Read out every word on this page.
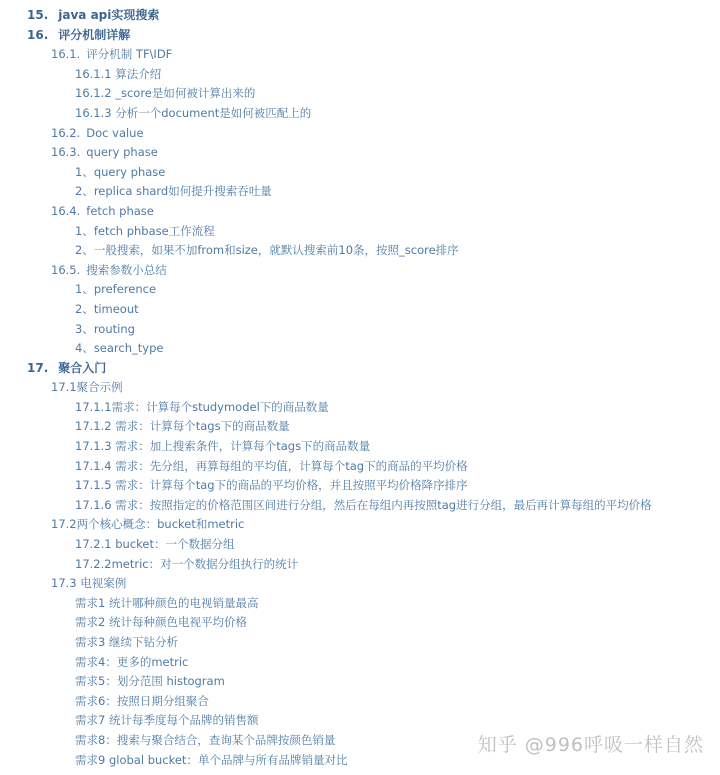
15. java api实现搜索
16. 评分机制详解
16.1. 评分机制 TF\IDF
16.1.1 算法介绍
16.1.2 _score是如何被计算出来的
16.1.3 分析一个document是如何被匹配上的
16.2. Doc value
16.3. query phase
1、query phase
2、replica shard如何提升搜索吞吐量
16.4. fetch phase
1、fetch phbase工作流程
2、一般搜索，如果不加from和size，就默认搜索前10条，按照_score排序
16.5. 搜索参数小总结
1、preference
2、timeout
3、routing
4、search_type
17. 聚合入门
17.1聚合示例
17.1.1需求：计算每个studymodel下的商品数量
17.1.2 需求：计算每个tags下的商品数量
17.1.3 需求：加上搜索条件，计算每个tags下的商品数量
17.1.4 需求：先分组，再算每组的平均值，计算每个tag下的商品的平均价格
17.1.5 需求：计算每个tag下的商品的平均价格，并且按照平均价格降序排序
17.1.6 需求：按照指定的价格范围区间进行分组，然后在每组内再按照tag进行分组，最后再计算每组的平均价格
17.2两个核心概念：bucket和metric
17.2.1 bucket：一个数据分组
17.2.2metric：对一个数据分组执行的统计
17.3 电视案例
需求1 统计哪种颜色的电视销量最高
需求2 统计每种颜色电视平均价格
需求3 继续下钻分析
需求4：更多的metric
需求5：划分范围 histogram
需求6：按照日期分组聚合
需求7 统计每季度每个品牌的销售额
需求8：搜索与聚合结合，查询某个品牌按颜色销量
需求9 global bucket：单个品牌与所有品牌销量对比
知乎 @996呼吸一样自然
